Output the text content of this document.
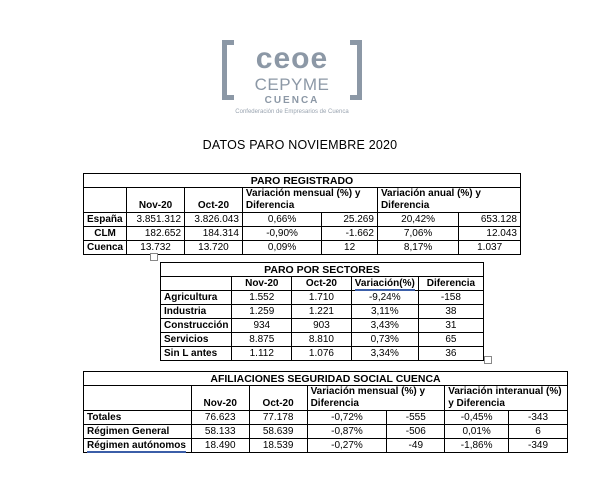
ceoe
CEPYME
CUENCA
Confederación de Empresarios de Cuenca
DATOS PARO NOVIEMBRE 2020
PARO REGISTRADO						
	Nov-20	Oct-20	Variación mensual (%) y Diferencia		Variación anual (%) y Diferencia	
España	3.851.312	3.826.043	0,66%	25.269	20,42%	653.128
CLM	182.652	184.314	-0,90%	-1.662	7,06%	12.043
Cuenca	13.732	13.720	0,09%	12	8,17%	1.037
PARO POR SECTORES				
	Nov-20	Oct-20	Variación(%)	Diferencia
Agricultura	1.552	1.710	-9,24%	-158
Industria	1.259	1.221	3,11%	38
Construcción	934	903	3,43%	31
Servicios	8.875	8.810	0,73%	65
Sin L antes	1.112	1.076	3,34%	36
AFILIACIONES SEGURIDAD SOCIAL CUENCA						
	Nov-20	Oct-20	Variación mensual (%) y Diferencia		Variación interanual (%) y Diferencia	
Totales	76.623	77.178	-0,72%	-555	-0,45%	-343
Régimen General	58.133	58.639	-0,87%	-506	0,01%	6
Régimen autónomos	18.490	18.539	-0,27%	-49	-1,86%	-349
